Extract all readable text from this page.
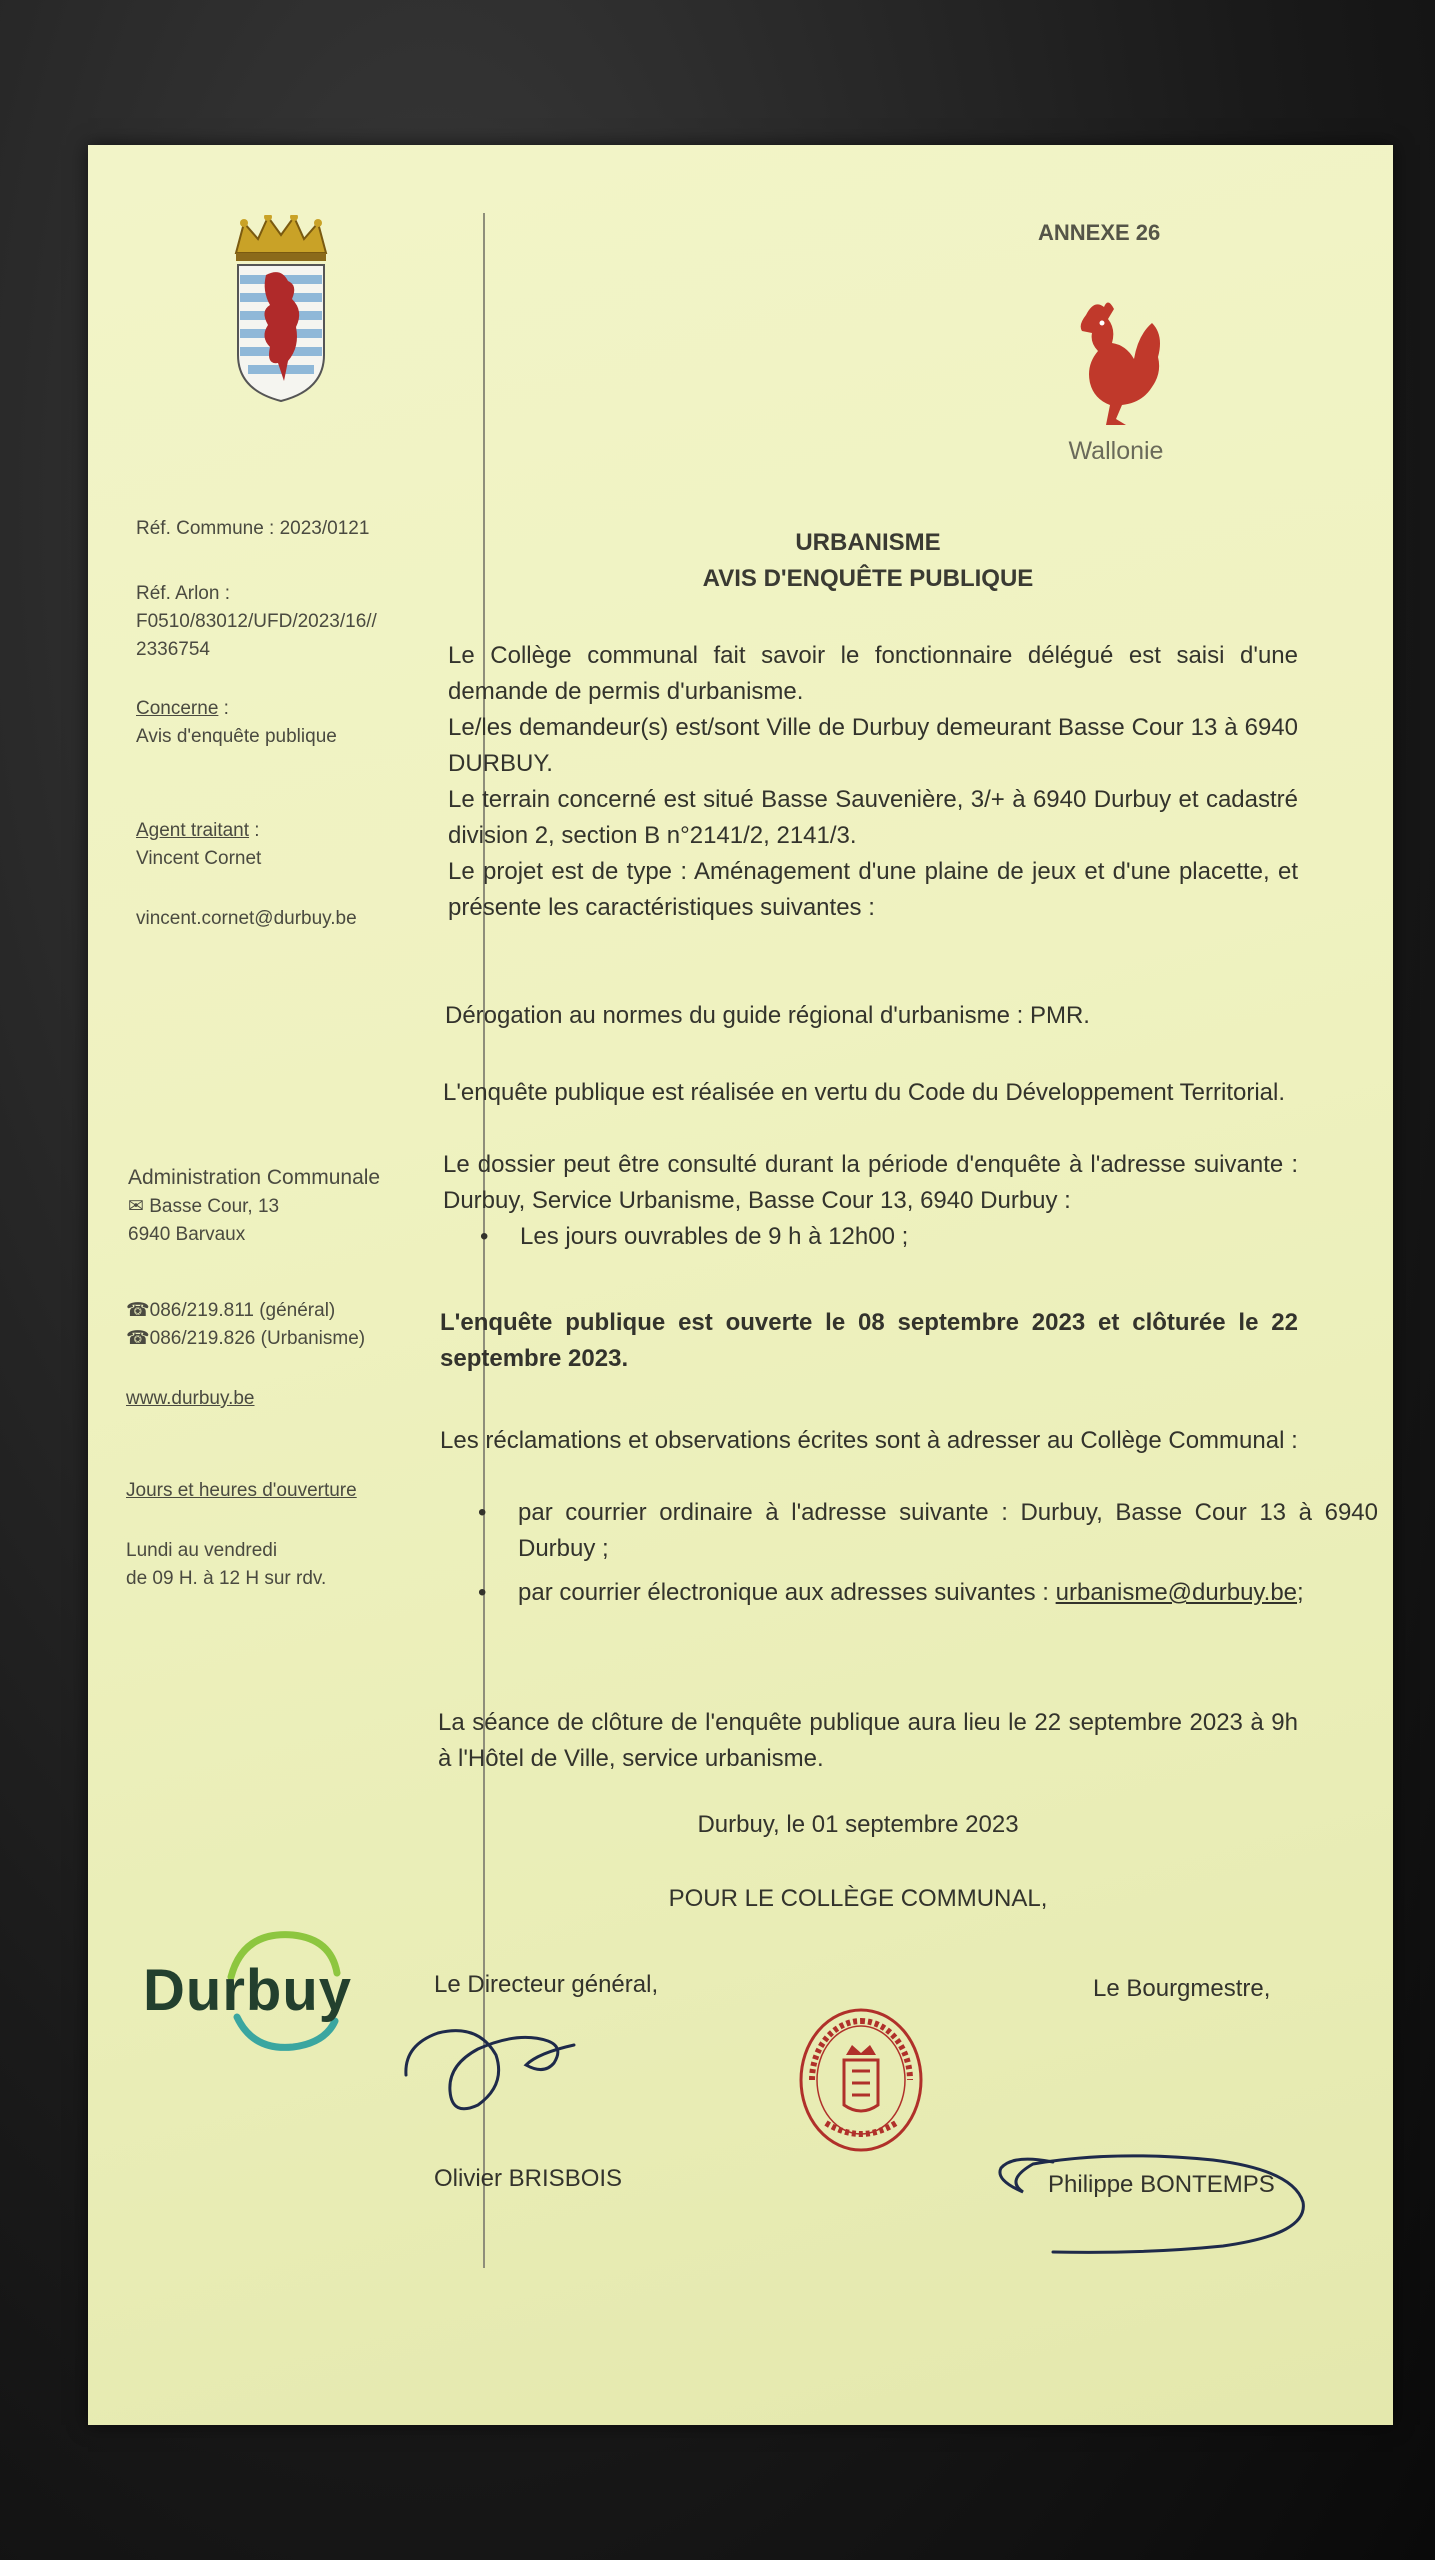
ANNEXE 26
Wallonie
Réf. Commune : 2023/0121
Réf. Arlon :
F0510/83012/UFD/2023/16//
2336754
Concerne :
Avis d'enquête publique
Agent traitant :
Vincent Cornet
vincent.cornet@durbuy.be
Administration Communale
✉ Basse Cour, 13
6940 Barvaux
☎086/219.811 (général)
☎086/219.826 (Urbanisme)
www.durbuy.be
Jours et heures d'ouverture
Lundi au vendredi
de 09 H. à 12 H sur rdv.
Durbuy
URBANISME
AVIS D'ENQUÊTE PUBLIQUE
Le Collège communal fait savoir le fonctionnaire délégué est saisi d'une demande de permis d'urbanisme.
Le/les demandeur(s) est/sont Ville de Durbuy demeurant Basse Cour 13 à 6940 DURBUY.
Le terrain concerné est situé Basse Sauvenière, 3/+ à 6940 Durbuy et cadastré division 2, section B n°2141/2, 2141/3.
Le projet est de type : Aménagement d'une plaine de jeux et d'une placette, et présente les caractéristiques suivantes :
Dérogation au normes du guide régional d'urbanisme : PMR.
L'enquête publique est réalisée en vertu du Code du Développement Territorial.
Le dossier peut être consulté durant la période d'enquête à l'adresse suivante : Durbuy, Service Urbanisme, Basse Cour 13, 6940 Durbuy :
• Les jours ouvrables de 9 h à 12h00 ;
L'enquête publique est ouverte le 08 septembre 2023 et clôturée le 22 septembre 2023.
Les réclamations et observations écrites sont à adresser au Collège Communal :
• par courrier ordinaire à l'adresse suivante : Durbuy, Basse Cour 13 à 6940 Durbuy ;
• par courrier électronique aux adresses suivantes : urbanisme@durbuy.be;
La séance de clôture de l'enquête publique aura lieu le 22 septembre 2023 à 9h à l'Hôtel de Ville, service urbanisme.
Durbuy, le 01 septembre 2023
POUR LE COLLÈGE COMMUNAL,
Le Directeur général,	Le Bourgmestre,
Olivier BRISBOIS	Philippe BONTEMPS
